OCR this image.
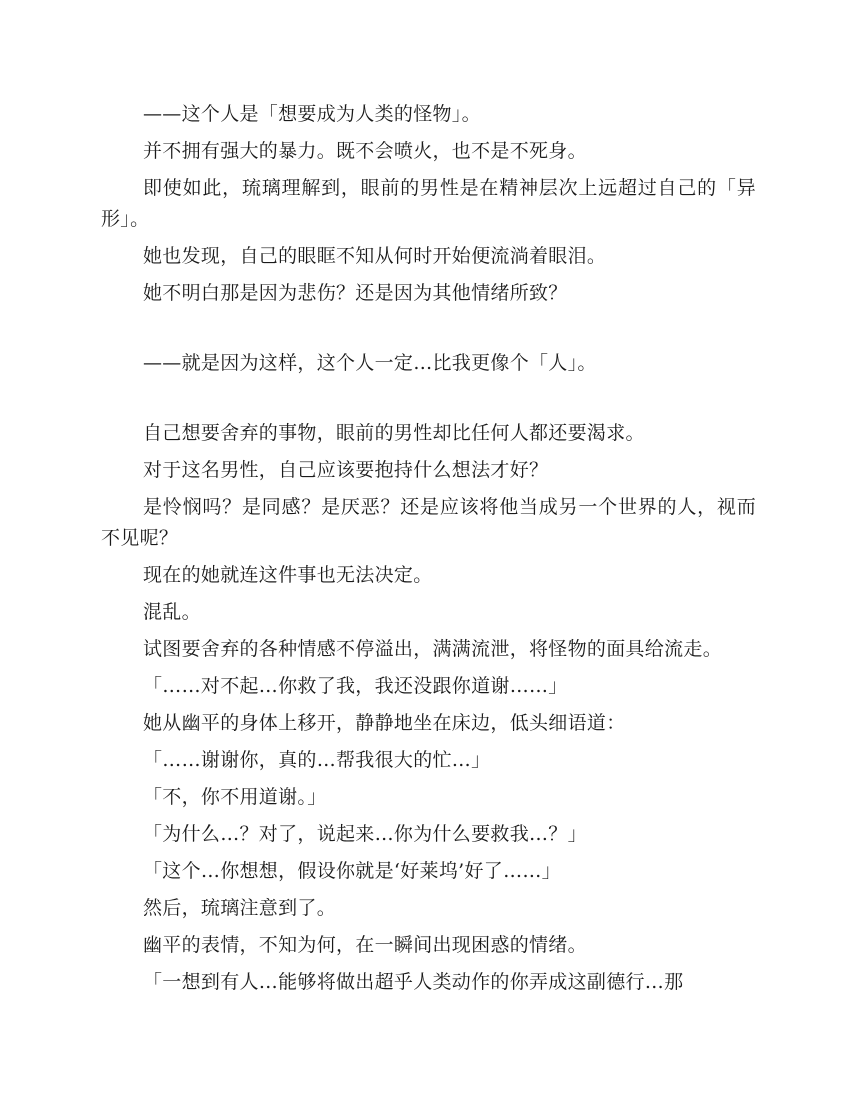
——这个人是「想要成为人类的怪物」。

并不拥有强大的暴力。既不会喷火，也不是不死身。

即使如此，琉璃理解到，眼前的男性是在精神层次上远超过自己的「异形」。

她也发现，自己的眼眶不知从何时开始便流淌着眼泪。

她不明白那是因为悲伤？还是因为其他情绪所致？

——就是因为这样，这个人一定…比我更像个「人」。

自己想要舍弃的事物，眼前的男性却比任何人都还要渴求。

对于这名男性，自己应该要抱持什么想法才好？

是怜悯吗？是同感？是厌恶？还是应该将他当成另一个世界的人，视而不见呢？

现在的她就连这件事也无法决定。

混乱。

试图要舍弃的各种情感不停溢出，满满流泄，将怪物的面具给流走。

「……对不起…你救了我，我还没跟你道谢……」

她从幽平的身体上移开，静静地坐在床边，低头细语道：

「……谢谢你，真的…帮我很大的忙…」

「不，你不用道谢。」

「为什么…？对了，说起来…你为什么要救我…？」

「这个…你想想，假设你就是‘好莱坞’好了……」

然后，琉璃注意到了。

幽平的表情，不知为何，在一瞬间出现困惑的情绪。

「一想到有人…能够将做出超乎人类动作的你弄成这副德行…那
